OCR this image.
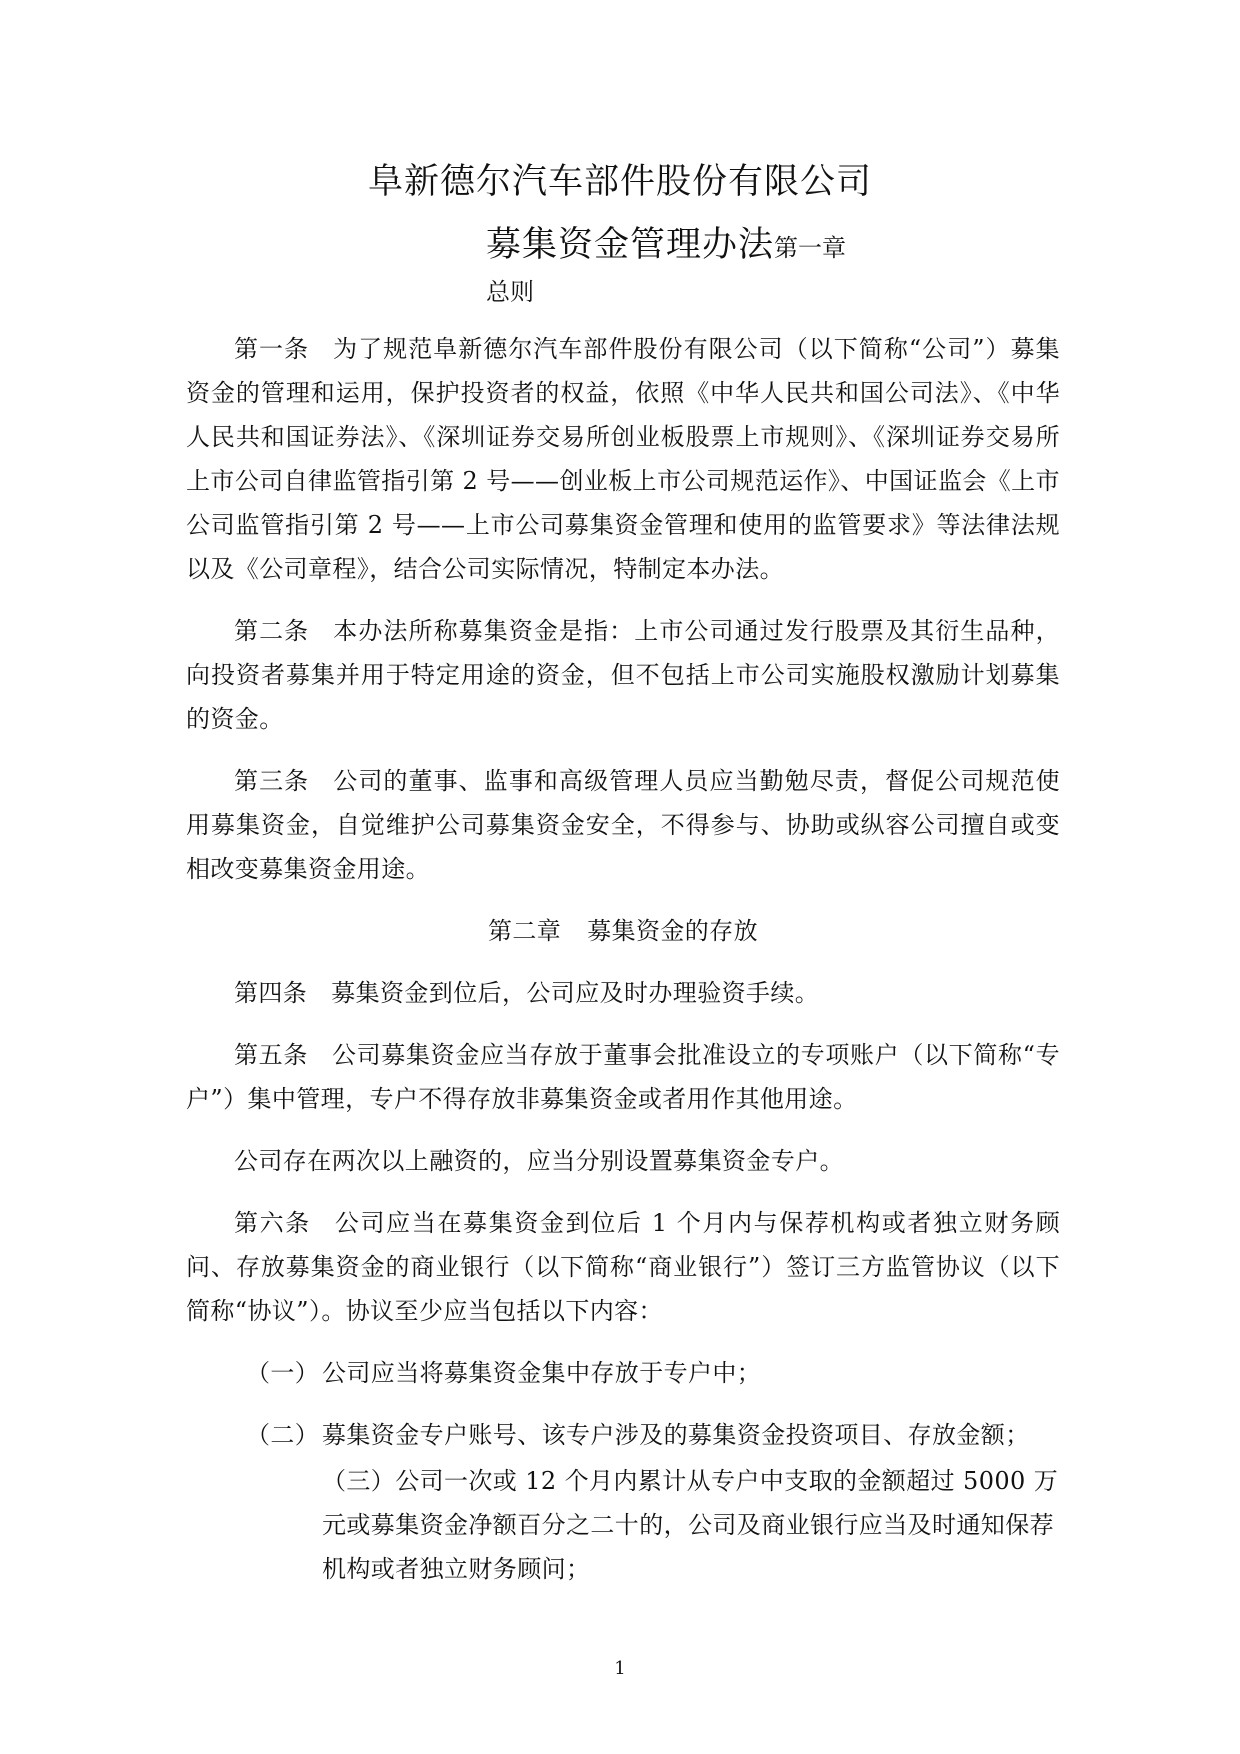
阜新德尔汽车部件股份有限公司
募集资金管理办法第一章
总则

第一条 为了规范阜新德尔汽车部件股份有限公司（以下简称“公司”）募集资金的管理和运用，保护投资者的权益，依照《中华人民共和国公司法》、《中华人民共和国证券法》、《深圳证券交易所创业板股票上市规则》、《深圳证券交易所上市公司自律监管指引第 2 号——创业板上市公司规范运作》、中国证监会《上市公司监管指引第 2 号——上市公司募集资金管理和使用的监管要求》等法律法规以及《公司章程》，结合公司实际情况，特制定本办法。

第二条 本办法所称募集资金是指：上市公司通过发行股票及其衍生品种，向投资者募集并用于特定用途的资金，但不包括上市公司实施股权激励计划募集的资金。

第三条 公司的董事、监事和高级管理人员应当勤勉尽责，督促公司规范使用募集资金，自觉维护公司募集资金安全，不得参与、协助或纵容公司擅自或变相改变募集资金用途。

第二章 募集资金的存放

第四条 募集资金到位后，公司应及时办理验资手续。

第五条 公司募集资金应当存放于董事会批准设立的专项账户（以下简称“专户”）集中管理，专户不得存放非募集资金或者用作其他用途。

公司存在两次以上融资的，应当分别设置募集资金专户。

第六条 公司应当在募集资金到位后 1 个月内与保荐机构或者独立财务顾问、存放募集资金的商业银行（以下简称“商业银行”）签订三方监管协议（以下简称“协议”）。协议至少应当包括以下内容：

（一） 公司应当将募集资金集中存放于专户中；
（二） 募集资金专户账号、该专户涉及的募集资金投资项目、存放金额；
（三）公司一次或 12 个月内累计从专户中支取的金额超过 5000 万元或募集资金净额百分之二十的，公司及商业银行应当及时通知保荐机构或者独立财务顾问；
1
